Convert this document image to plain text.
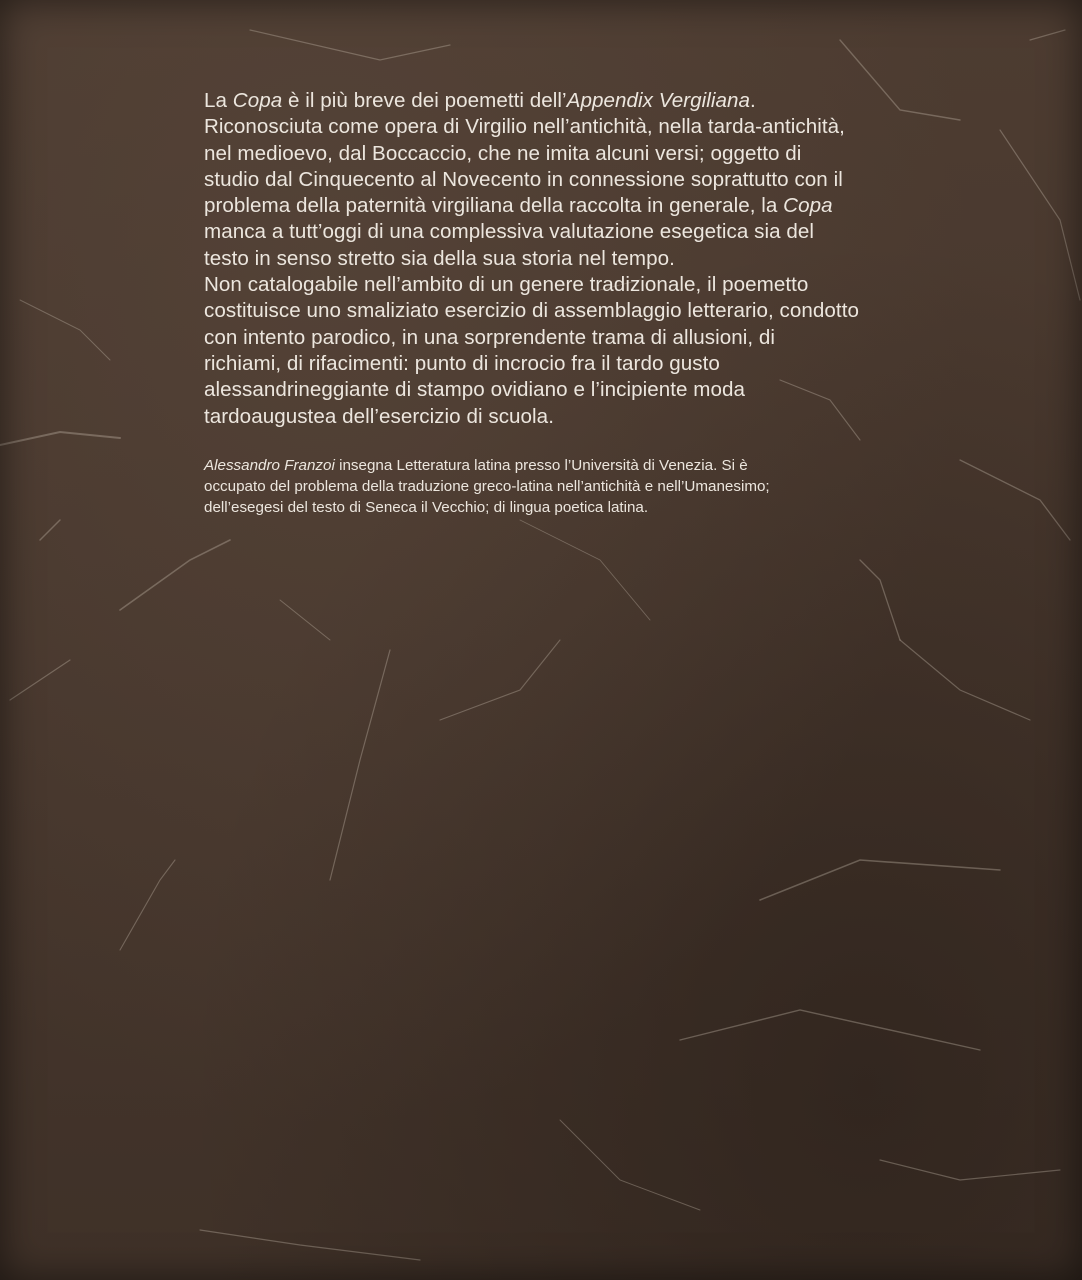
La Copa è il più breve dei poemetti dell’Appendix Vergiliana.
Riconosciuta come opera di Virgilio nell’antichità, nella tarda-antichità,
nel medioevo, dal Boccaccio, che ne imita alcuni versi; oggetto di
studio dal Cinquecento al Novecento in connessione soprattutto con il
problema della paternità virgiliana della raccolta in generale, la Copa
manca a tutt’oggi di una complessiva valutazione esegetica sia del
testo in senso stretto sia della sua storia nel tempo.

Non catalogabile nell’ambito di un genere tradizionale, il poemetto
costituisce uno smaliziato esercizio di assemblaggio letterario, condotto
con intento parodico, in una sorprendente trama di allusioni, di
richiami, di rifacimenti: punto di incrocio fra il tardo gusto
alessandrineggiante di stampo ovidiano e l’incipiente moda
tardoaugustea dell’esercizio di scuola.

Alessandro Franzoi insegna Letteratura latina presso l’Università di Venezia. Si è
occupato del problema della traduzione greco-latina nell’antichità e nell’Umanesimo;
dell’esegesi del testo di Seneca il Vecchio; di lingua poetica latina.
